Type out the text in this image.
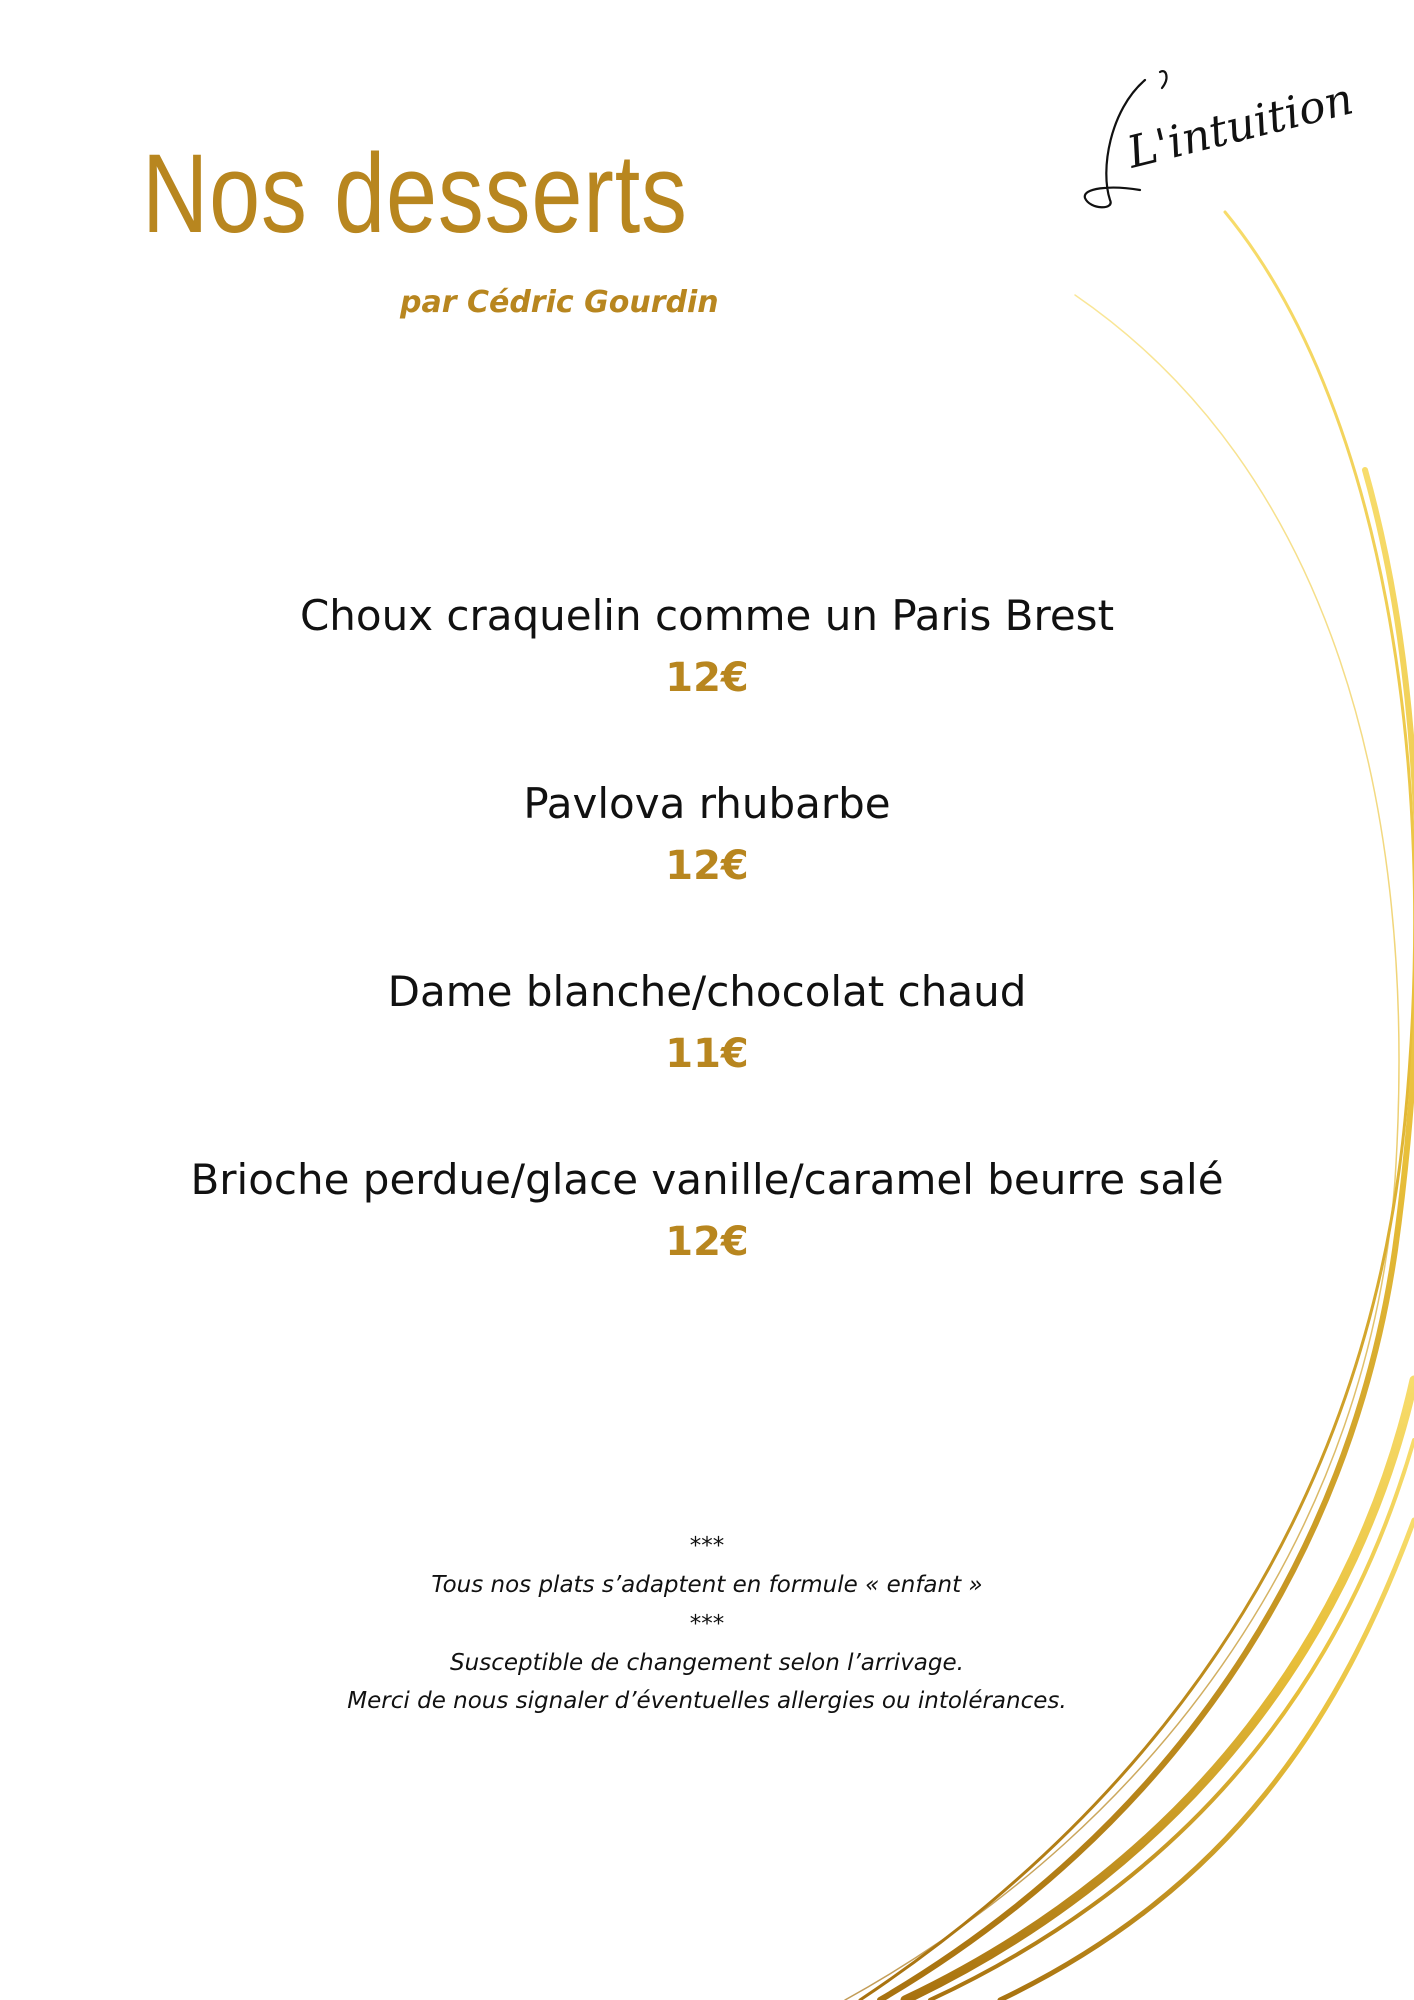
L'intuition
Nos desserts
par Cédric Gourdin
Choux craquelin comme un Paris Brest
12€
Pavlova rhubarbe
12€
Dame blanche/chocolat chaud
11€
Brioche perdue/glace vanille/caramel beurre salé
12€
***
Tous nos plats s’adaptent en formule « enfant »
***
Susceptible de changement selon l’arrivage.
Merci de nous signaler d’éventuelles allergies ou intolérances.
